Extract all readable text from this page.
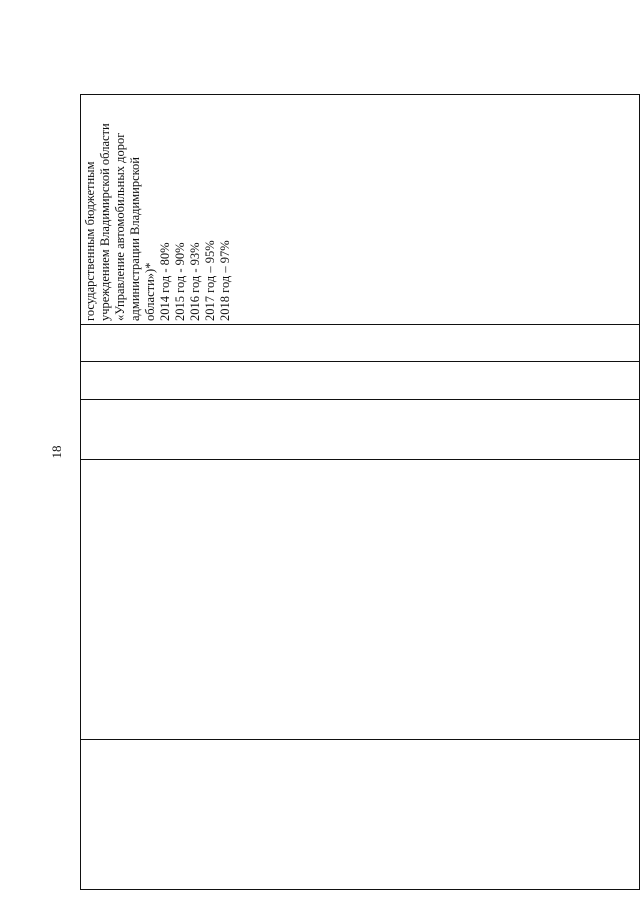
18

государственным бюджетным учреждением Владимирской области «Управление автомобильных дорог администрации Владимирской области»)* 2014 год - 80% 2015 год - 90% 2016 год - 93% 2017 год – 95% 2018 год – 97%
